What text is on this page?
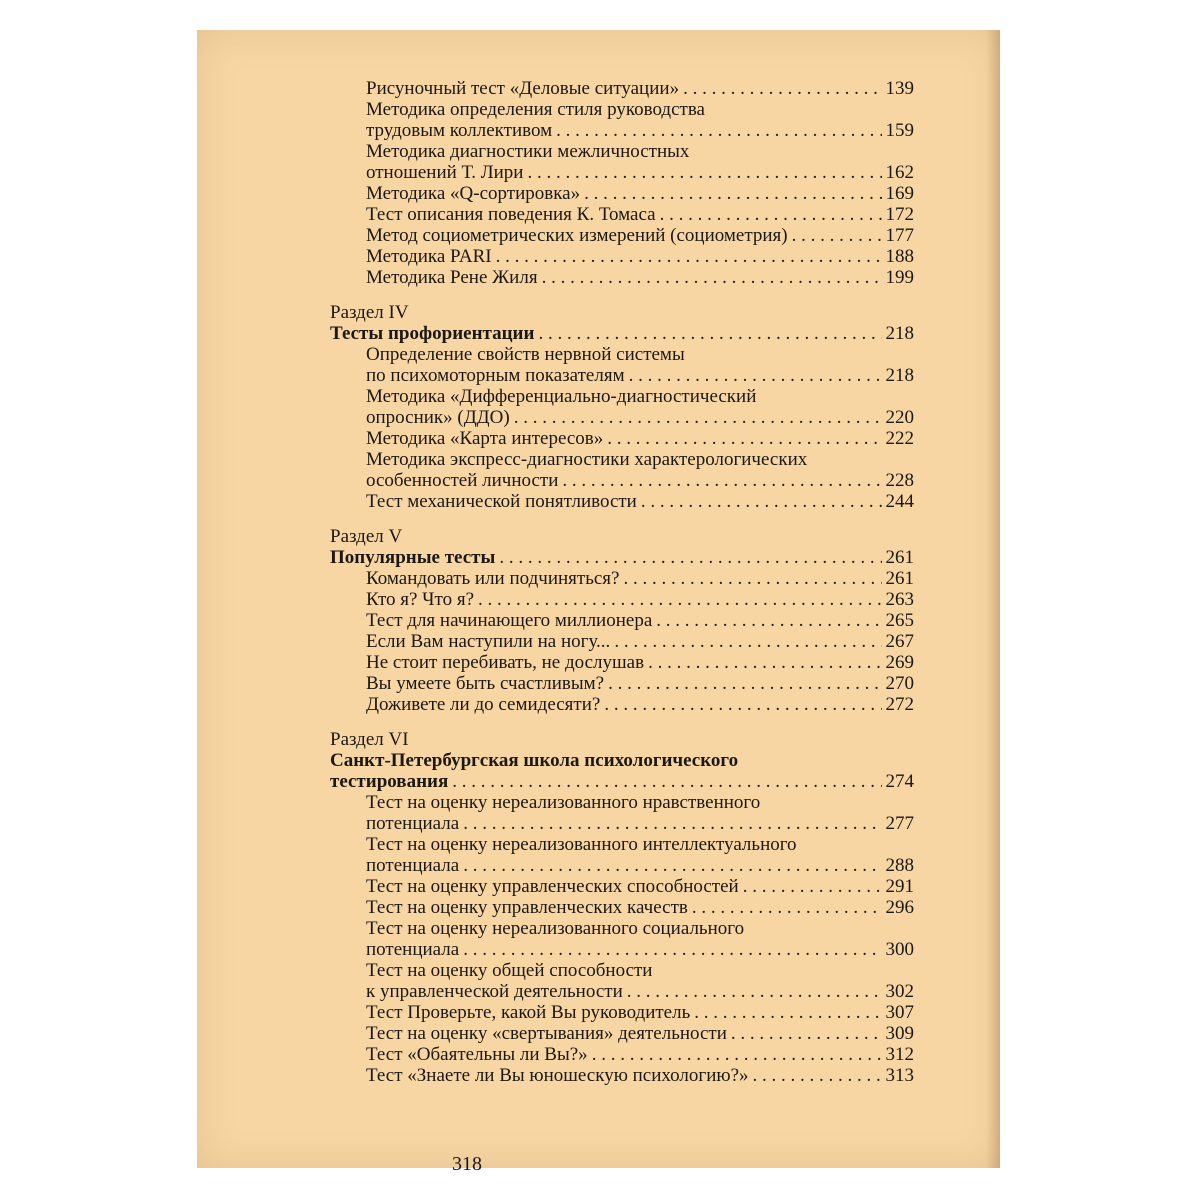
Рисуночный тест «Деловые ситуации» . . .	139
Методика определения стиля руководства
трудовым коллективом . . .	159
Методика диагностики межличностных
отношений Т. Лири . . .	162
Методика «Q-сортировка» . . .	169
Тест описания поведения К. Томаса . . .	172
Метод социометрических измерений (социометрия) . . .	177
Методика PARI . . .	188
Методика Рене Жиля . . .	199
Раздел IV
Тесты профориентации . . .	218
Определение свойств нервной системы
по психомоторным показателям . . .	218
Методика «Дифференциально-диагностический
опросник» (ДДО) . . .	220
Методика «Карта интересов» . . .	222
Методика экспресс-диагностики характерологических
особенностей личности . . .	228
Тест механической понятливости . . .	244
Раздел V
Популярные тесты . . .	261
Командовать или подчиняться? . . .	261
Кто я? Что я? . . .	263
Тест для начинающего миллионера . . .	265
Если Вам наступили на ногу... . . .	267
Не стоит перебивать, не дослушав . . .	269
Вы умеете быть счастливым? . . .	270
Доживете ли до семидесяти? . . .	272
Раздел VI
Санкт-Петербургская школа психологического
тестирования . . .	274
Тест на оценку нереализованного нравственного
потенциала . . .	277
Тест на оценку нереализованного интеллектуального
потенциала . . .	288
Тест на оценку управленческих способностей . . .	291
Тест на оценку управленческих качеств . . .	296
Тест на оценку нереализованного социального
потенциала . . .	300
Тест на оценку общей способности
к управленческой деятельности . . .	302
Тест Проверьте, какой Вы руководитель . . .	307
Тест на оценку «свертывания» деятельности . . .	309
Тест «Обаятельны ли Вы?» . . .	312
Тест «Знаете ли Вы юношескую психологию?» . . .	313
318
